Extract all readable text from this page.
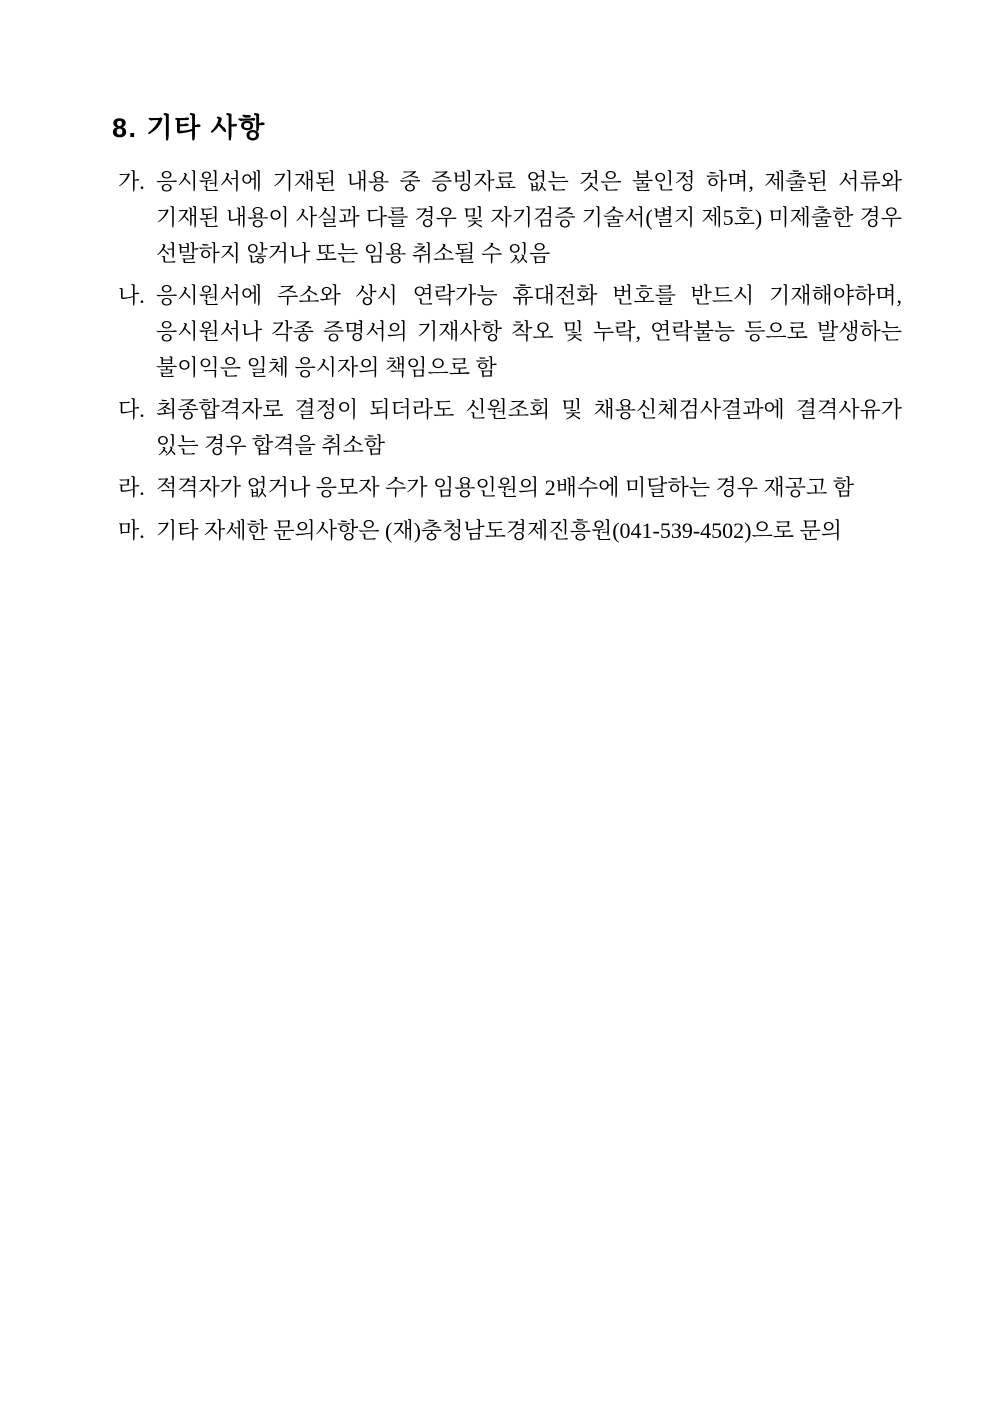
8. 기타 사항
가. 응시원서에 기재된 내용 중 증빙자료 없는 것은 불인정 하며, 제출된 서류와 기재된 내용이 사실과 다를 경우 및 자기검증 기술서(별지 제5호) 미제출한 경우 선발하지 않거나 또는 임용 취소될 수 있음
나. 응시원서에 주소와 상시 연락가능 휴대전화 번호를 반드시 기재해야하며, 응시원서나 각종 증명서의 기재사항 착오 및 누락, 연락불능 등으로 발생하는 불이익은 일체 응시자의 책임으로 함
다. 최종합격자로 결정이 되더라도 신원조회 및 채용신체검사결과에 결격사유가 있는 경우 합격을 취소함
라. 적격자가 없거나 응모자 수가 임용인원의 2배수에 미달하는 경우 재공고 함
마. 기타 자세한 문의사항은 (재)충청남도경제진흥원(041-539-4502)으로 문의
